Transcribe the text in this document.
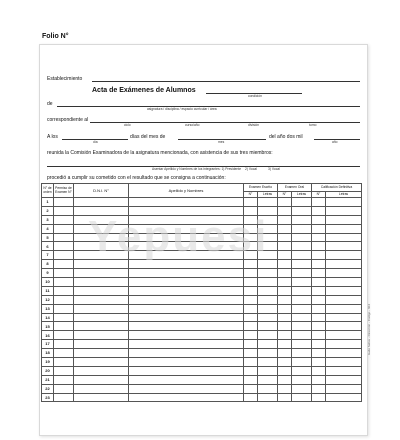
Folio N°
Establecimiento
Acta de Exámenes de Alumnos
condición
de
asignatura / disciplina / espacio curricular / área
correspondiente al
ciclo	curso/año	división	turno
A los	días del mes de	del año dos mil
día	mes	año
reunida la Comisión Examinadora de la asignatura mencionada, con asistencia de sus tres miembros:
Asentar Apellido y Nombres de los integrantes: 1) Presidente 2) Vocal	3) Vocal
procedió a cumplir su cometido con el resultado que se consigna a continuación:
N° de orden	Permiso de Examen N°	D.N.I. N°	Apellido y Nombres	Examen Escrito		Examen Oral		Calificación Definitiva	
				N°	Letras	N°	Letras	N°	Letras
1									
2									
3									
4									
5									
6									
7									
8									
9									
10									
11									
12									
13									
14									
15									
16									
17									
18									
19									
20									
21									
22									
23									
Yepuesi
Gallo Sellos - Dirección - Código - 604
